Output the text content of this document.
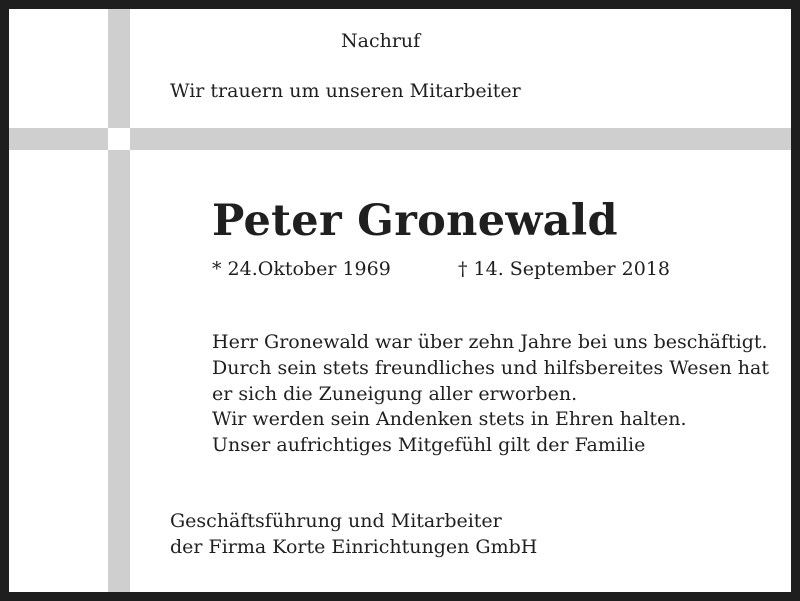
Nachruf
Wir trauern um unseren Mitarbeiter
Peter Gronewald
* 24.Oktober 1969	† 14. September 2018
Herr Gronewald war über zehn Jahre bei uns beschäftigt.
Durch sein stets freundliches und hilfsbereites Wesen hat
er sich die Zuneigung aller erworben.
Wir werden sein Andenken stets in Ehren halten.
Unser aufrichtiges Mitgefühl gilt der Familie
Geschäftsführung und Mitarbeiter
der Firma Korte Einrichtungen GmbH
